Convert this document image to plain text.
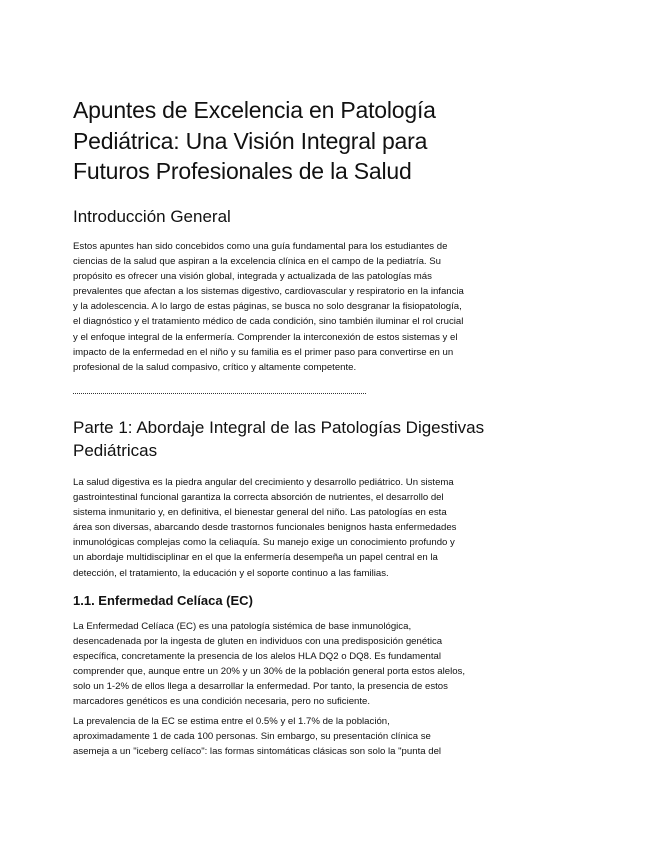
Apuntes de Excelencia en Patología
Pediátrica: Una Visión Integral para
Futuros Profesionales de la Salud
Introducción General
Estos apuntes han sido concebidos como una guía fundamental para los estudiantes de
ciencias de la salud que aspiran a la excelencia clínica en el campo de la pediatría. Su
propósito es ofrecer una visión global, integrada y actualizada de las patologías más
prevalentes que afectan a los sistemas digestivo, cardiovascular y respiratorio en la infancia
y la adolescencia. A lo largo de estas páginas, se busca no solo desgranar la fisiopatología,
el diagnóstico y el tratamiento médico de cada condición, sino también iluminar el rol crucial
y el enfoque integral de la enfermería. Comprender la interconexión de estos sistemas y el
impacto de la enfermedad en el niño y su familia es el primer paso para convertirse en un
profesional de la salud compasivo, crítico y altamente competente.
Parte 1: Abordaje Integral de las Patologías Digestivas
Pediátricas
La salud digestiva es la piedra angular del crecimiento y desarrollo pediátrico. Un sistema
gastrointestinal funcional garantiza la correcta absorción de nutrientes, el desarrollo del
sistema inmunitario y, en definitiva, el bienestar general del niño. Las patologías en esta
área son diversas, abarcando desde trastornos funcionales benignos hasta enfermedades
inmunológicas complejas como la celiaquía. Su manejo exige un conocimiento profundo y
un abordaje multidisciplinar en el que la enfermería desempeña un papel central en la
detección, el tratamiento, la educación y el soporte continuo a las familias.
1.1. Enfermedad Celíaca (EC)
La Enfermedad Celíaca (EC) es una patología sistémica de base inmunológica,
desencadenada por la ingesta de gluten en individuos con una predisposición genética
específica, concretamente la presencia de los alelos HLA DQ2 o DQ8. Es fundamental
comprender que, aunque entre un 20% y un 30% de la población general porta estos alelos,
solo un 1-2% de ellos llega a desarrollar la enfermedad. Por tanto, la presencia de estos
marcadores genéticos es una condición necesaria, pero no suficiente.
La prevalencia de la EC se estima entre el 0.5% y el 1.7% de la población,
aproximadamente 1 de cada 100 personas. Sin embargo, su presentación clínica se
asemeja a un "iceberg celíaco": las formas sintomáticas clásicas son solo la "punta del
